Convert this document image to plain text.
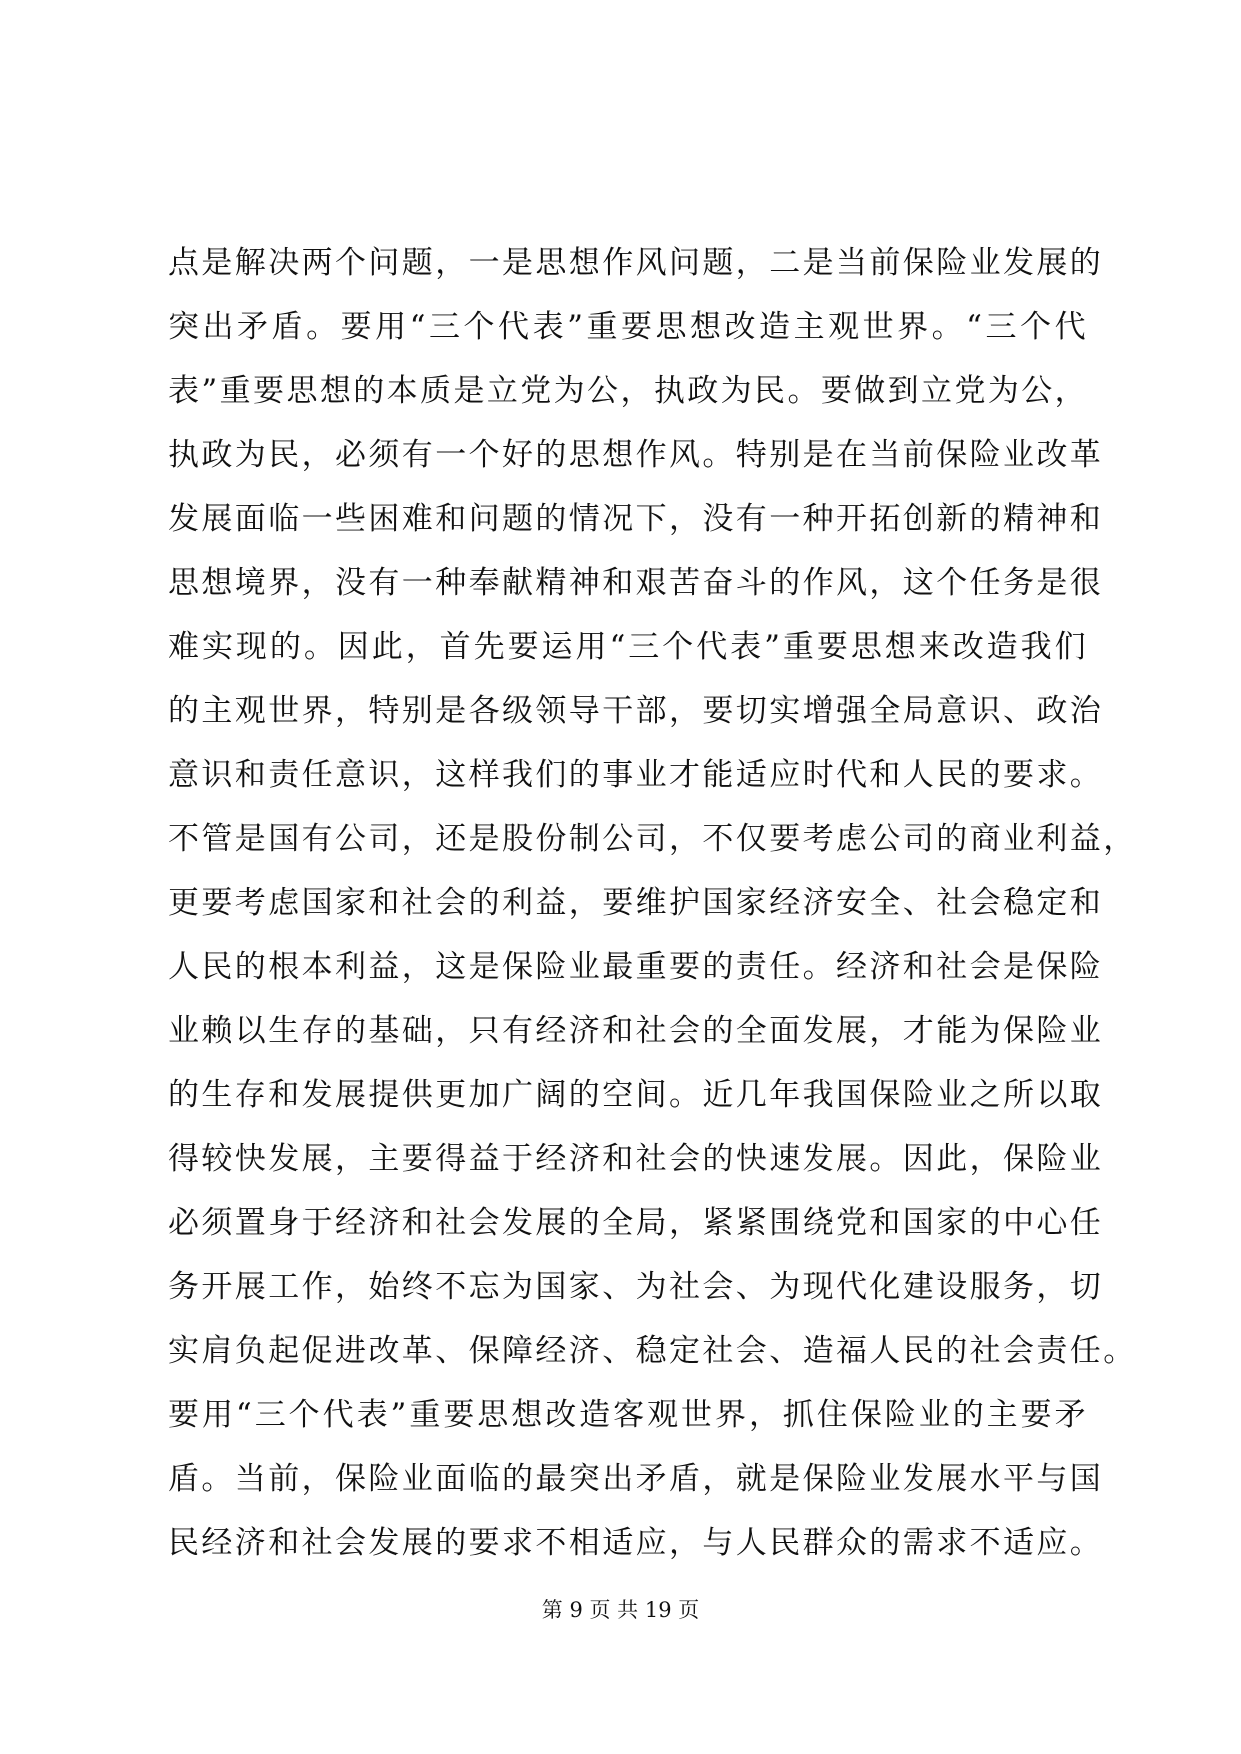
点是解决两个问题，一是思想作风问题，二是当前保险业发展的
突出矛盾。要用“三个代表”重要思想改造主观世界。“三个代
表”重要思想的本质是立党为公，执政为民。要做到立党为公，
执政为民，必须有一个好的思想作风。特别是在当前保险业改革
发展面临一些困难和问题的情况下，没有一种开拓创新的精神和
思想境界，没有一种奉献精神和艰苦奋斗的作风，这个任务是很
难实现的。因此，首先要运用“三个代表”重要思想来改造我们
的主观世界，特别是各级领导干部，要切实增强全局意识、政治
意识和责任意识，这样我们的事业才能适应时代和人民的要求。
不管是国有公司，还是股份制公司，不仅要考虑公司的商业利益，
更要考虑国家和社会的利益，要维护国家经济安全、社会稳定和
人民的根本利益，这是保险业最重要的责任。经济和社会是保险
业赖以生存的基础，只有经济和社会的全面发展，才能为保险业
的生存和发展提供更加广阔的空间。近几年我国保险业之所以取
得较快发展，主要得益于经济和社会的快速发展。因此，保险业
必须置身于经济和社会发展的全局，紧紧围绕党和国家的中心任
务开展工作，始终不忘为国家、为社会、为现代化建设服务，切
实肩负起促进改革、保障经济、稳定社会、造福人民的社会责任。
要用“三个代表”重要思想改造客观世界，抓住保险业的主要矛
盾。当前，保险业面临的最突出矛盾，就是保险业发展水平与国
民经济和社会发展的要求不相适应，与人民群众的需求不适应。
第 9 页 共 19 页
